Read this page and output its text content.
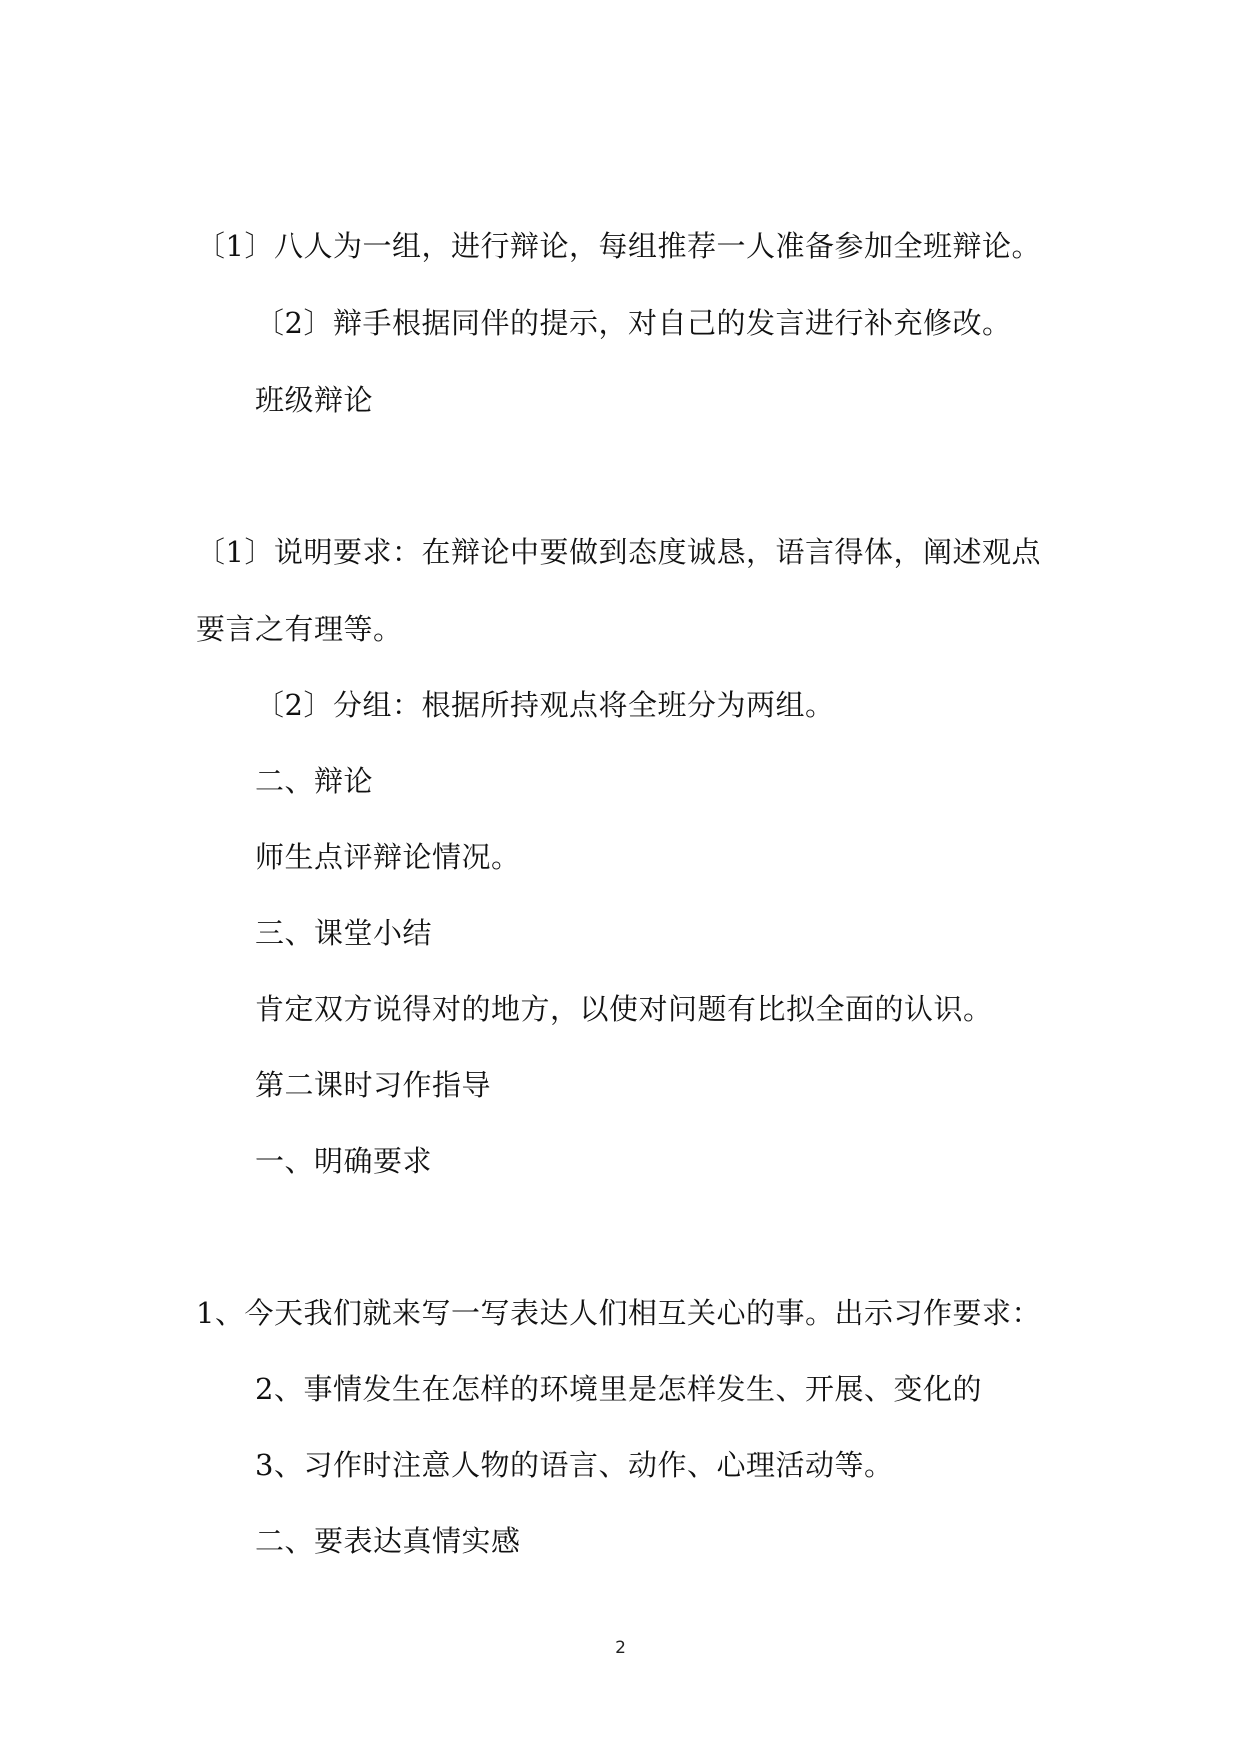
〔1〕八人为一组，进行辩论，每组推荐一人准备参加全班辩论。
〔2〕辩手根据同伴的提示，对自己的发言进行补充修改。
班级辩论
〔1〕说明要求：在辩论中要做到态度诚恳，语言得体，阐述观点
要言之有理等。
〔2〕分组：根据所持观点将全班分为两组。
二、辩论
师生点评辩论情况。
三、课堂小结
肯定双方说得对的地方，以使对问题有比拟全面的认识。
第二课时习作指导
一、明确要求
1、今天我们就来写一写表达人们相互关心的事。出示习作要求：
2、事情发生在怎样的环境里是怎样发生、开展、变化的
3、习作时注意人物的语言、动作、心理活动等。
二、要表达真情实感
2
